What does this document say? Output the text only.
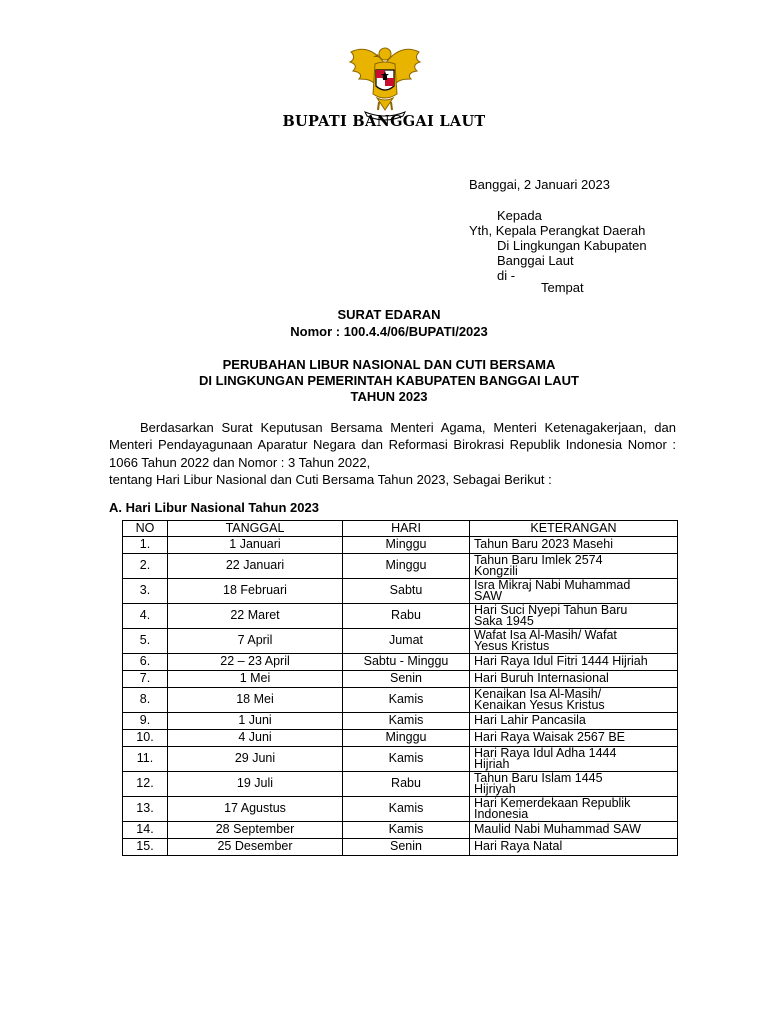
BUPATI BANGGAI LAUT
Banggai, 2 Januari 2023
Kepada
Yth, Kepala Perangkat Daerah
Di Lingkungan Kabupaten
Banggai Laut
di -
Tempat
SURAT EDARAN
Nomor : 100.4.4/06/BUPATI/2023
PERUBAHAN LIBUR NASIONAL DAN CUTI BERSAMA
DI LINGKUNGAN PEMERINTAH KABUPATEN BANGGAI LAUT
TAHUN 2023
Berdasarkan Surat Keputusan Bersama Menteri Agama, Menteri Ketenagakerjaan, dan Menteri Pendayagunaan Aparatur Negara dan Reformasi Birokrasi Republik Indonesia Nomor : 1066 Tahun 2022 dan Nomor : 3 Tahun 2022,
tentang Hari Libur Nasional dan Cuti Bersama Tahun 2023, Sebagai Berikut :
A. Hari Libur Nasional Tahun 2023
NO	TANGGAL	HARI	KETERANGAN
1.	1 Januari	Minggu	Tahun Baru 2023 Masehi

2.	22 Januari	Minggu	Tahun Baru Imlek 2574
Kongzili

3.	18 Februari	Sabtu	Isra Mikraj Nabi Muhammad
SAW

4.	22 Maret	Rabu	Hari Suci Nyepi Tahun Baru
Saka 1945

5.	7 April	Jumat	Wafat Isa Al-Masih/ Wafat
Yesus Kristus

6.	22 – 23 April	Sabtu - Minggu	Hari Raya Idul Fitri 1444 Hijriah

7.	1 Mei	Senin	Hari Buruh Internasional

8.	18 Mei	Kamis	Kenaikan Isa Al-Masih/
Kenaikan Yesus Kristus

9.	1 Juni	Kamis	Hari Lahir Pancasila

10.	4 Juni	Minggu	Hari Raya Waisak 2567 BE

11.	29 Juni	Kamis	Hari Raya Idul Adha 1444
Hijriah

12.	19 Juli	Rabu	Tahun Baru Islam 1445
Hijriyah

13.	17 Agustus	Kamis	Hari Kemerdekaan Republik
Indonesia

14.	28 September	Kamis	Maulid Nabi Muhammad SAW

15.	25 Desember	Senin	Hari Raya Natal
